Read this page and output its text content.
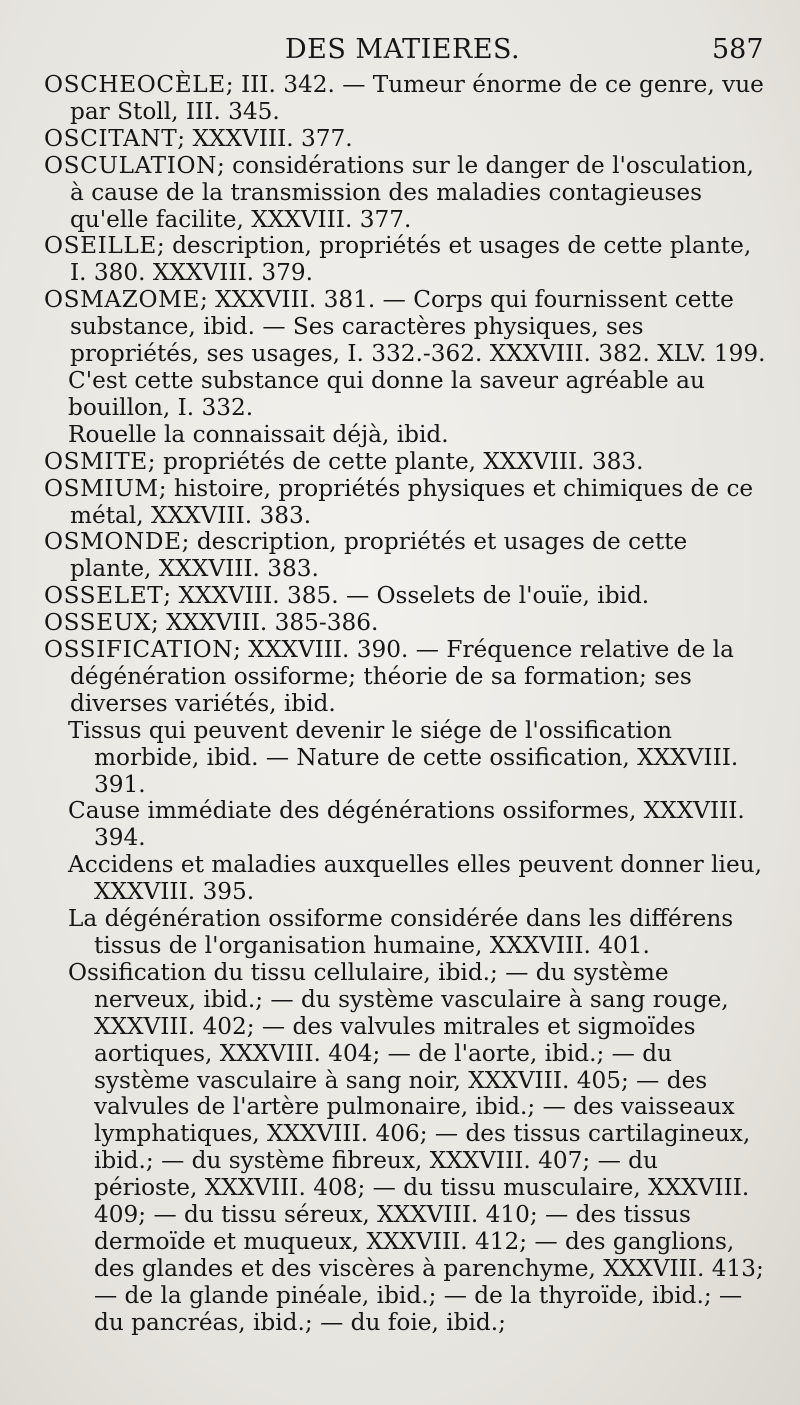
DES MATIERES.	587
OSCHEOCÈLE; III. 342. — Tumeur énorme de ce genre, vue par Stoll, III. 345.
OSCITANT; XXXVIII. 377.
OSCULATION; considérations sur le danger de l'osculation, à cause de la transmission des maladies contagieuses qu'elle facilite, XXXVIII. 377.
OSEILLE; description, propriétés et usages de cette plante, I. 380. XXXVIII. 379.
OSMAZOME; XXXVIII. 381. — Corps qui fournissent cette substance, ibid. — Ses caractères physiques, ses propriétés, ses usages, I. 332.-362. XXXVIII. 382. XLV. 199.
C'est cette substance qui donne la saveur agréable au bouillon, I. 332.
Rouelle la connaissait déjà, ibid.
OSMITE; propriétés de cette plante, XXXVIII. 383.
OSMIUM; histoire, propriétés physiques et chimiques de ce métal, XXXVIII. 383.
OSMONDE; description, propriétés et usages de cette plante, XXXVIII. 383.
OSSELET; XXXVIII. 385. — Osselets de l'ouïe, ibid.
OSSEUX; XXXVIII. 385-386.
OSSIFICATION; XXXVIII. 390. — Fréquence relative de la dégénération ossiforme; théorie de sa formation; ses diverses variétés, ibid.
Tissus qui peuvent devenir le siége de l'ossification morbide, ibid. — Nature de cette ossification, XXXVIII. 391.
Cause immédiate des dégénérations ossiformes, XXXVIII. 394.
Accidens et maladies auxquelles elles peuvent donner lieu, XXXVIII. 395.
La dégénération ossiforme considérée dans les différens tissus de l'organisation humaine, XXXVIII. 401.
Ossification du tissu cellulaire, ibid.; — du système nerveux, ibid.; — du système vasculaire à sang rouge, XXXVIII. 402; — des valvules mitrales et sigmoïdes aortiques, XXXVIII. 404; — de l'aorte, ibid.; — du système vasculaire à sang noir, XXXVIII. 405; — des valvules de l'artère pulmonaire, ibid.; — des vaisseaux lymphatiques, XXXVIII. 406; — des tissus cartilagineux, ibid.; — du système fibreux, XXXVIII. 407; — du périoste, XXXVIII. 408; — du tissu musculaire, XXXVIII. 409; — du tissu séreux, XXXVIII. 410; — des tissus dermoïde et muqueux, XXXVIII. 412; — des ganglions, des glandes et des viscères à parenchyme, XXXVIII. 413; — de la glande pinéale, ibid.; — de la thyroïde, ibid.; — du pancréas, ibid.; — du foie, ibid.;
